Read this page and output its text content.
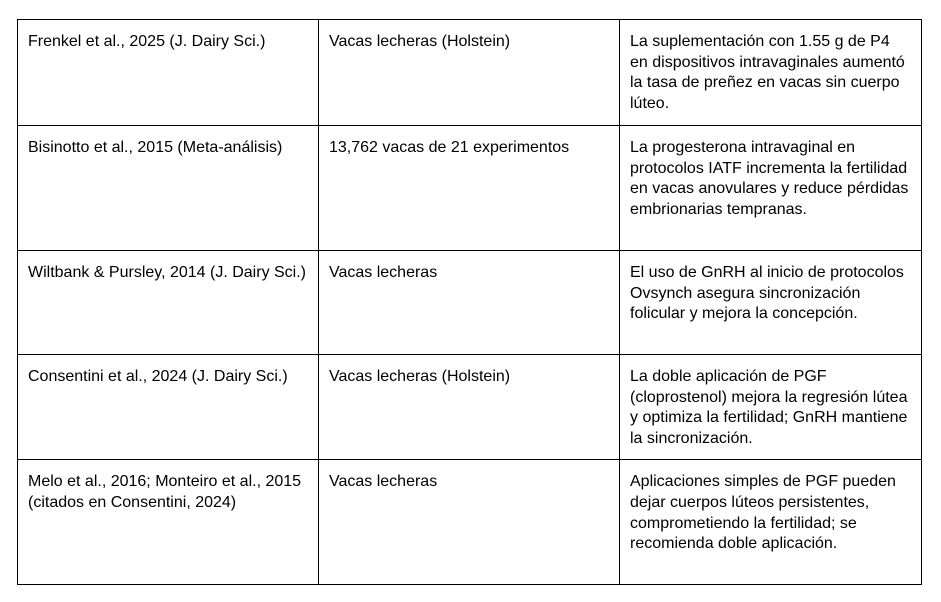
Frenkel et al., 2025 (J. Dairy Sci.)	Vacas lecheras (Holstein)	La suplementación con 1.55 g de P4 en dispositivos intravaginales aumentó la tasa de preñez en vacas sin cuerpo lúteo.
Bisinotto et al., 2015 (Meta-análisis)	13,762 vacas de 21 experimentos	La progesterona intravaginal en protocolos IATF incrementa la fertilidad en vacas anovulares y reduce pérdidas embrionarias tempranas.
Wiltbank & Pursley, 2014 (J. Dairy Sci.)	Vacas lecheras	El uso de GnRH al inicio de protocolos Ovsynch asegura sincronización folicular y mejora la concepción.
Consentini et al., 2024 (J. Dairy Sci.)	Vacas lecheras (Holstein)	La doble aplicación de PGF (cloprostenol) mejora la regresión lútea y optimiza la fertilidad; GnRH mantiene la sincronización.
Melo et al., 2016; Monteiro et al., 2015 (citados en Consentini, 2024)	Vacas lecheras	Aplicaciones simples de PGF pueden dejar cuerpos lúteos persistentes, comprometiendo la fertilidad; se recomienda doble aplicación.
